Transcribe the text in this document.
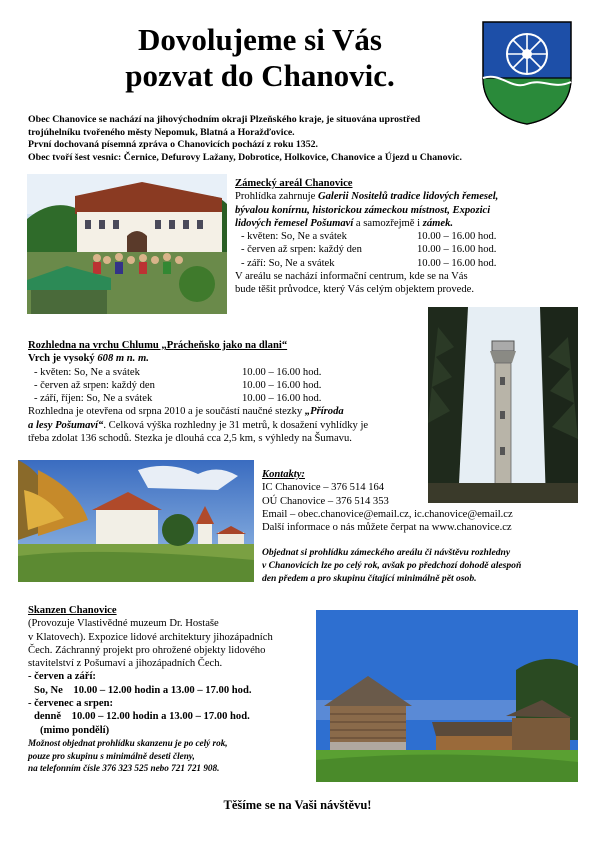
Dovolujeme si Vás
pozvat do Chanovic.
Obec Chanovice se nachází na jihovýchodním okraji Plzeňského kraje, je situována uprostřed
trojúhelníku tvořeného městy Nepomuk, Blatná a Horažďovice.
První dochovaná písemná zpráva o Chanovicích pochází z roku 1352.
Obec tvoří šest vesnic: Černice, Defurovy Lažany, Dobrotice, Holkovice, Chanovice a Újezd u Chanovic.
Zámecký areál Chanovice
Prohlídka zahrnuje Galerii Nositelů tradice lidových řemesel,
bývalou konírnu, historickou zámeckou místnost, Expozici
lidových řemesel Pošumaví a samozřejmě i zámek.
- květen: So, Ne a svátek	10.00 – 16.00 hod.
- červen až srpen: každý den	10.00 – 16.00 hod.
- září: So, Ne a svátek	10.00 – 16.00 hod.
V areálu se nachází informační centrum, kde se na Vás
bude těšit průvodce, který Vás celým objektem provede.
Rozhledna na vrchu Chlumu „Prácheňsko jako na dlani“
Vrch je vysoký 608 m n. m.
- květen: So, Ne a svátek	10.00 – 16.00 hod.
- červen až srpen: každý den	10.00 – 16.00 hod.
- září, říjen: So, Ne a svátek	10.00 – 16.00 hod.
Rozhledna je otevřena od srpna 2010 a je součástí naučné stezky „Příroda
a lesy Pošumaví“. Celková výška rozhledny je 31 metrů, k dosažení vyhlídky je
třeba zdolat 136 schodů. Stezka je dlouhá cca 2,5 km, s výhledy na Šumavu.
Kontakty:
IC Chanovice – 376 514 164
OÚ Chanovice – 376 514 353
Email – obec.chanovice@email.cz, ic.chanovice@email.cz
Další informace o nás můžete čerpat na www.chanovice.cz
Objednat si prohlídku zámeckého areálu či návštěvu rozhledny
v Chanovicích lze po celý rok, avšak po předchozí dohodě alespoň
den předem a pro skupinu čítající minimálně pět osob.
Skanzen Chanovice
(Provozuje Vlastivědné muzeum Dr. Hostaše
v Klatovech). Expozice lidové architektury jihozápadních
Čech. Záchranný projekt pro ohrožené objekty lidového
stavitelství z Pošumaví a jihozápadních Čech.
- červen a září:
So, Ne    10.00 – 12.00 hodin a 13.00 – 17.00 hod.
- červenec a srpen:
denně    10.00 – 12.00 hodin a 13.00 – 17.00 hod.
(mimo pondělí)
Možnost objednat prohlídku skanzenu je po celý rok,
pouze pro skupinu s minimálně deseti členy,
na telefonním čísle 376 323 525 nebo 721 721 908.
Těšíme se na Vaši návštěvu!
